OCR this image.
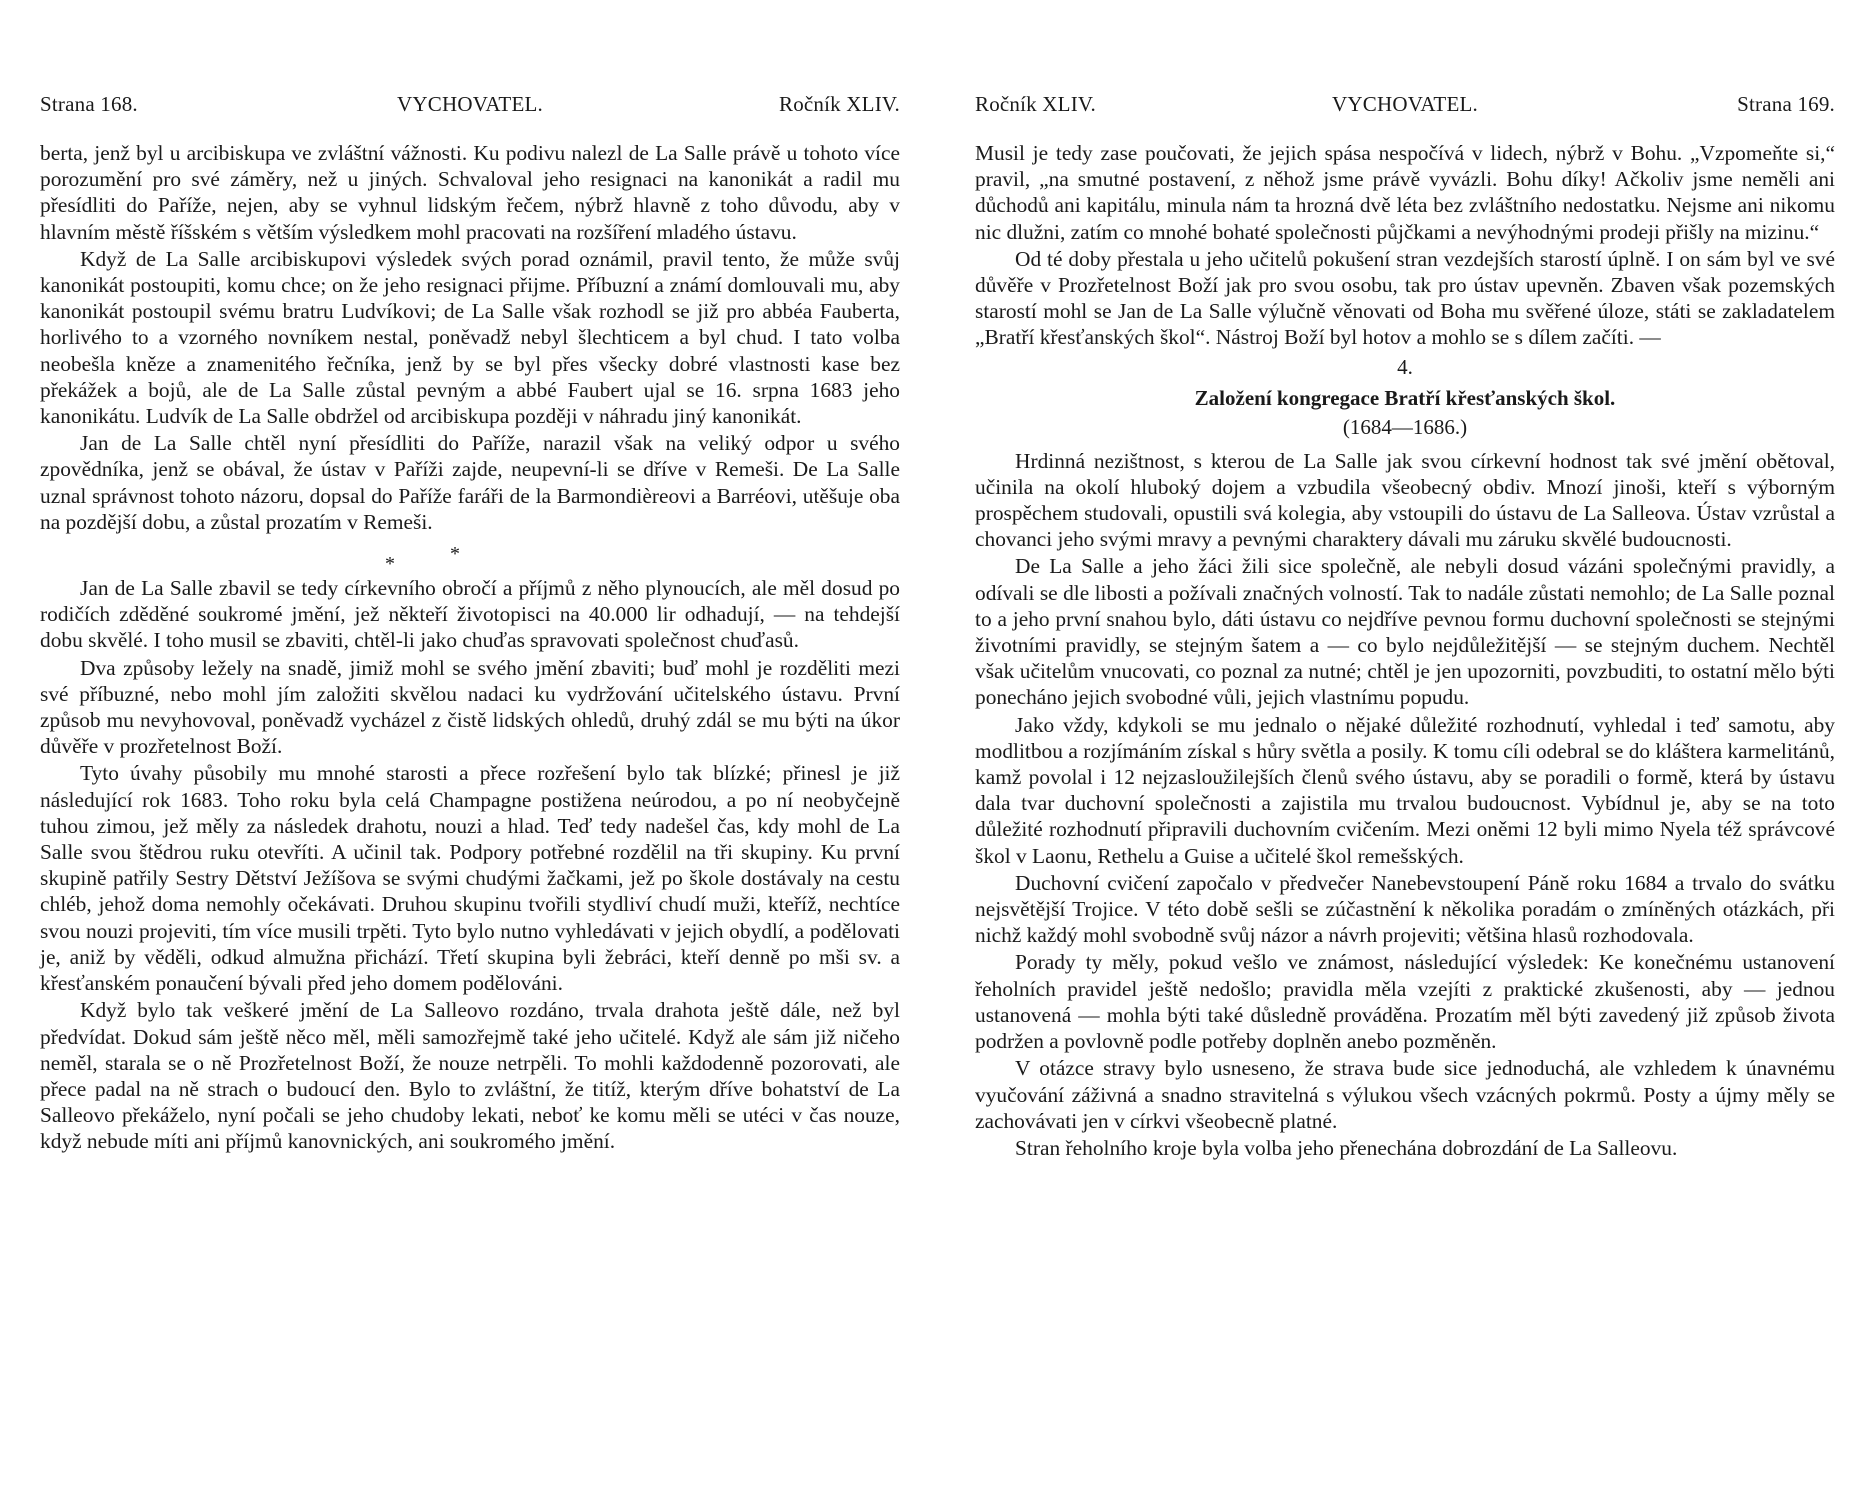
Strana 168.	VYCHOVATEL.	Ročník XLIV.

berta, jenž byl u arcibiskupa ve zvláštní vážnosti. Ku podivu nalezl de La Salle právě u tohoto více porozumění pro své záměry, než u jiných. Schvaloval jeho resignaci na kanonikát a radil mu přesídliti do Paříže, nejen, aby se vyhnul lidským řečem, nýbrž hlavně z toho důvodu, aby v hlavním městě říšském s větším výsledkem mohl pracovati na rozšíření mladého ústavu.

Když de La Salle arcibiskupovi výsledek svých porad oznámil, pravil tento, že může svůj kanonikát postoupiti, komu chce; on že jeho resignaci přijme. Příbuzní a známí domlouvali mu, aby kanonikát postoupil svému bratru Ludvíkovi; de La Salle však rozhodl se již pro abbéa Fauberta, horlivého to a vzorného novníkem nestal, poněvadž nebyl šlechticem a byl chud. I tato volba neobešla kněze a znamenitého řečníka, jenž by se byl přes všecky dobré vlastnosti kase bez překážek a bojů, ale de La Salle zůstal pevným a abbé Faubert ujal se 16. srpna 1683 jeho kanonikátu. Ludvík de La Salle obdržel od arcibiskupa později v náhradu jiný kanonikát.

Jan de La Salle chtěl nyní přesídliti do Paříže, narazil však na veliký odpor u svého zpovědníka, jenž se obával, že ústav v Paříži zajde, neupevní-li se dříve v Remeši. De La Salle uznal správnost tohoto názoru, dopsal do Paříže faráři de la Barmondièreovi a Barréovi, utěšuje oba na pozdější dobu, a zůstal prozatím v Remeši.

*	*

Jan de La Salle zbavil se tedy církevního obročí a příjmů z něho plynoucích, ale měl dosud po rodičích zděděné soukromé jmění, jež někteří životopisci na 40.000 lir odhadují, — na tehdejší dobu skvělé. I toho musil se zbaviti, chtěl-li jako chuďas spravovati společnost chuďasů.

Dva způsoby ležely na snadě, jimiž mohl se svého jmění zbaviti; buď mohl je rozděliti mezi své příbuzné, nebo mohl jím založiti skvělou nadaci ku vydržování učitelského ústavu. První způsob mu nevyhovoval, poněvadž vycházel z čistě lidských ohledů, druhý zdál se mu býti na úkor důvěře v prozřetelnost Boží.

Tyto úvahy působily mu mnohé starosti a přece rozřešení bylo tak blízké; přinesl je již následující rok 1683. Toho roku byla celá Champagne postižena neúrodou, a po ní neobyčejně tuhou zimou, jež měly za následek drahotu, nouzi a hlad. Teď tedy nadešel čas, kdy mohl de La Salle svou štědrou ruku otevříti. A učinil tak. Podpory potřebné rozdělil na tři skupiny. Ku první skupině patřily Sestry Dětství Ježíšova se svými chudými žačkami, jež po škole dostávaly na cestu chléb, jehož doma nemohly očekávati. Druhou skupinu tvořili stydliví chudí muži, kteříž, nechtíce svou nouzi projeviti, tím více musili trpěti. Tyto bylo nutno vyhledávati v jejich obydlí, a podělovati je, aniž by věděli, odkud almužna přichází. Třetí skupina byli žebráci, kteří denně po mši sv. a křesťanském ponaučení bývali před jeho domem podělováni.

Když bylo tak veškeré jmění de La Salleovo rozdáno, trvala drahota ještě dále, než byl předvídat. Dokud sám ještě něco měl, měli samozřejmě také jeho učitelé. Když ale sám již ničeho neměl, starala se o ně Prozřetelnost Boží, že nouze netrpěli. To mohli každodenně pozorovati, ale přece padal na ně strach o budoucí den. Bylo to zvláštní, že titíž, kterým dříve bohatství de La Salleovo překáželo, nyní počali se jeho chudoby lekati, neboť ke komu měli se utéci v čas nouze, když nebude míti ani příjmů kanovnických, ani soukromého jmění.

Ročník XLIV.	VYCHOVATEL.	Strana 169.

Musil je tedy zase poučovati, že jejich spása nespočívá v lidech, nýbrž v Bohu. „Vzpomeňte si,“ pravil, „na smutné postavení, z něhož jsme právě vyvázli. Bohu díky! Ačkoliv jsme neměli ani důchodů ani kapitálu, minula nám ta hrozná dvě léta bez zvláštního nedostatku. Nejsme ani nikomu nic dlužni, zatím co mnohé bohaté společnosti půjčkami a nevýhodnými prodeji přišly na mizinu.“

Od té doby přestala u jeho učitelů pokušení stran vezdejších starostí úplně. I on sám byl ve své důvěře v Prozřetelnost Boží jak pro svou osobu, tak pro ústav upevněn. Zbaven však pozemských starostí mohl se Jan de La Salle výlučně věnovati od Boha mu svěřené úloze, státi se zakladatelem „Bratří křesťanských škol“. Nástroj Boží byl hotov a mohlo se s dílem začíti. —

4.
Založení kongregace Bratří křesťanských škol.
(1684—1686.)

Hrdinná nezištnost, s kterou de La Salle jak svou církevní hodnost tak své jmění obětoval, učinila na okolí hluboký dojem a vzbudila všeobecný obdiv. Mnozí jinoši, kteří s výborným prospěchem studovali, opustili svá kolegia, aby vstoupili do ústavu de La Salleova. Ústav vzrůstal a chovanci jeho svými mravy a pevnými charaktery dávali mu záruku skvělé budoucnosti.

De La Salle a jeho žáci žili sice společně, ale nebyli dosud vázáni společnými pravidly, a odívali se dle libosti a požívali značných volností. Tak to nadále zůstati nemohlo; de La Salle poznal to a jeho první snahou bylo, dáti ústavu co nejdříve pevnou formu duchovní společnosti se stejnými životními pravidly, se stejným šatem a — co bylo nejdůležitější — se stejným duchem. Nechtěl však učitelům vnucovati, co poznal za nutné; chtěl je jen upozorniti, povzbuditi, to ostatní mělo býti ponecháno jejich svobodné vůli, jejich vlastnímu popudu.

Jako vždy, kdykoli se mu jednalo o nějaké důležité rozhodnutí, vyhledal i teď samotu, aby modlitbou a rozjímáním získal s hůry světla a posily. K tomu cíli odebral se do kláštera karmelitánů, kamž povolal i 12 nejzasloužilejších členů svého ústavu, aby se poradili o formě, která by ústavu dala tvar duchovní společnosti a zajistila mu trvalou budoucnost. Vybídnul je, aby se na toto důležité rozhodnutí připravili duchovním cvičením. Mezi oněmi 12 byli mimo Nyela též správcové škol v Laonu, Rethelu a Guise a učitelé škol remešských.

Duchovní cvičení započalo v předvečer Nanebevstoupení Páně roku 1684 a trvalo do svátku nejsvětější Trojice. V této době sešli se zúčastnění k několika poradám o zmíněných otázkách, při nichž každý mohl svobodně svůj názor a návrh projeviti; většina hlasů rozhodovala.

Porady ty měly, pokud vešlo ve známost, následující výsledek: Ke konečnému ustanovení řeholních pravidel ještě nedošlo; pravidla měla vzejíti z praktické zkušenosti, aby — jednou ustanovená — mohla býti také důsledně prováděna. Prozatím měl býti zavedený již způsob života podržen a povlovně podle potřeby doplněn anebo pozměněn.

V otázce stravy bylo usneseno, že strava bude sice jednoduchá, ale vzhledem k únavnému vyučování záživná a snadno stravitelná s výlukou všech vzácných pokrmů. Posty a újmy měly se zachovávati jen v církvi všeobecně platné.

Stran řeholního kroje byla volba jeho přenechána dobrozdání de La Salleovu.
